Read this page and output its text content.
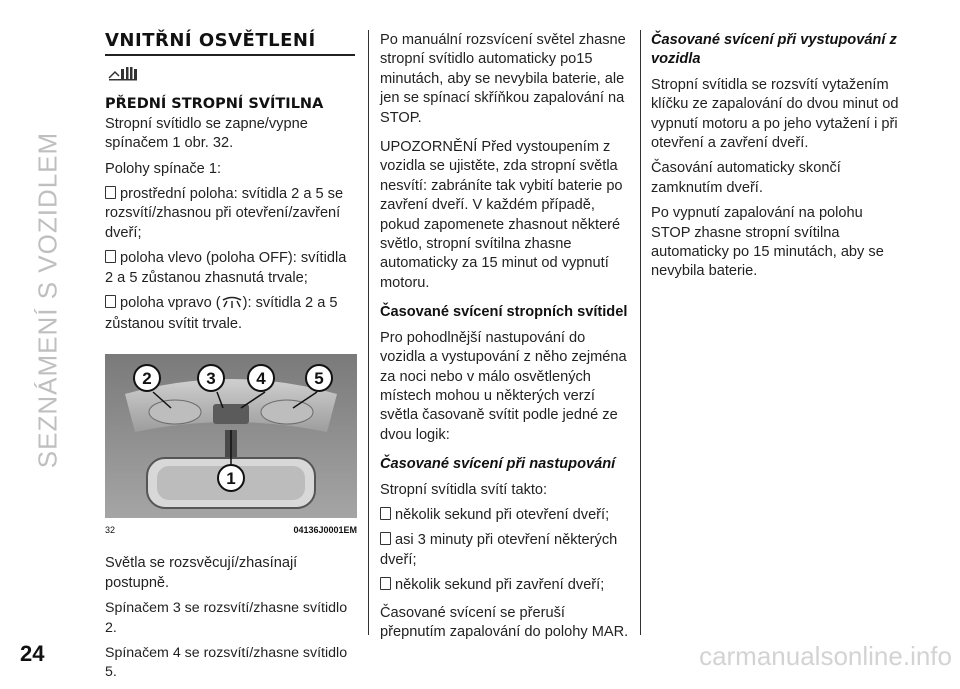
SEZNÁMENÍ S VOZIDLEM
24
VNITŘNÍ OSVĚTLENÍ
PŘEDNÍ STROPNÍ SVÍTILNA

Stropní svítidlo se zapne/vypne spínačem 1 obr. 32.

Polohy spínače 1:

prostřední poloha: svítidla 2 a 5 se rozsvítí/zhasnou při otevření/zavření dveří;

poloha vlevo (poloha OFF): svítidla 2 a 5 zůstanou zhasnutá trvale;

poloha vpravo ( ): svítidla 2 a 5 zůstanou svítit trvale.

2	3 4	5
1
32	04136J0001EM

Světla se rozsvěcují/zhasínají postupně.

Spínačem 3 se rozsvítí/zhasne svítidlo 2.

Spínačem 4 se rozsvítí/zhasne svítidlo 5.

Po manuální rozsvícení světel zhasne stropní svítidlo automaticky po15 minutách, aby se nevybila baterie, ale jen se spínací skříňkou zapalování na STOP.

UPOZORNĚNÍ Před vystoupením z vozidla se ujistěte, zda stropní světla nesvítí: zabráníte tak vybití baterie po zavření dveří. V každém případě, pokud zapomenete zhasnout některé světlo, stropní svítilna zhasne automaticky za 15 minut od vypnutí motoru.

Časované svícení stropních svítidel

Pro pohodlnější nastupování do vozidla a vystupování z něho zejména za noci nebo v málo osvětlených místech mohou u některých verzí světla časovaně svítit podle jedné ze dvou logik:

Časované svícení při nastupování

Stropní svítidla svítí takto:

několik sekund při otevření dveří;

asi 3 minuty při otevření některých dveří;

několik sekund při zavření dveří;

Časované svícení se přeruší přepnutím zapalování do polohy MAR.

Časované svícení při vystupování z vozidla

Stropní svítidla se rozsvítí vytažením klíčku ze zapalování do dvou minut od vypnutí motoru a po jeho vytažení i při otevření a zavření dveří.

Časování automaticky skončí zamknutím dveří.

Po vypnutí zapalování na polohu STOP zhasne stropní svítilna automaticky po 15 minutách, aby se nevybila baterie.

carmanualsonline.info
